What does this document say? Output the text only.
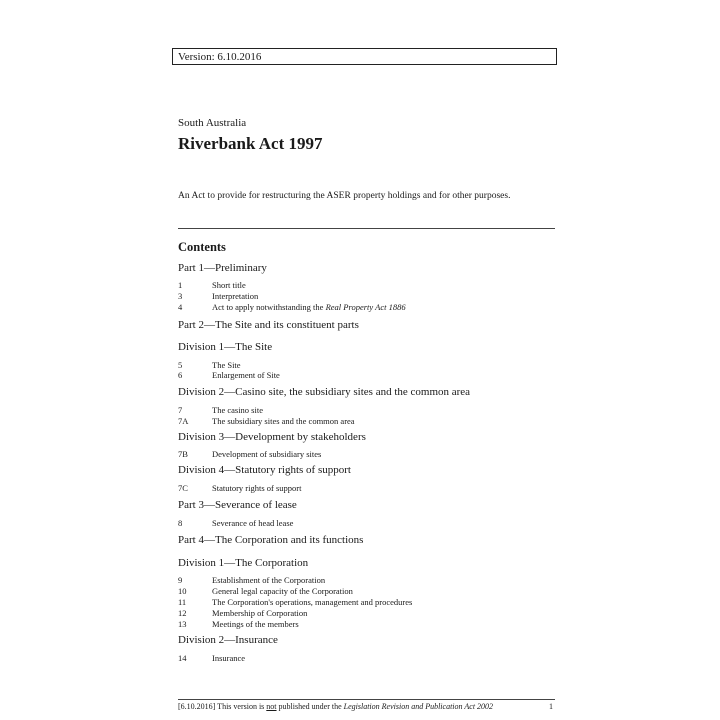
Version: 6.10.2016
South Australia
Riverbank Act 1997
An Act to provide for restructuring the ASER property holdings and for other purposes.
Contents
Part 1—Preliminary
1	Short title
3	Interpretation
4	Act to apply notwithstanding the Real Property Act 1886
Part 2—The Site and its constituent parts
Division 1—The Site
5	The Site
6	Enlargement of Site
Division 2—Casino site, the subsidiary sites and the common area
7	The casino site
7A	The subsidiary sites and the common area
Division 3—Development by stakeholders
7B	Development of subsidiary sites
Division 4—Statutory rights of support
7C	Statutory rights of support
Part 3—Severance of lease
8	Severance of head lease
Part 4—The Corporation and its functions
Division 1—The Corporation
9	Establishment of the Corporation
10	General legal capacity of the Corporation
11	The Corporation's operations, management and procedures
12	Membership of Corporation
13	Meetings of the members
Division 2—Insurance
14	Insurance
[6.10.2016] This version is not published under the Legislation Revision and Publication Act 2002	1
